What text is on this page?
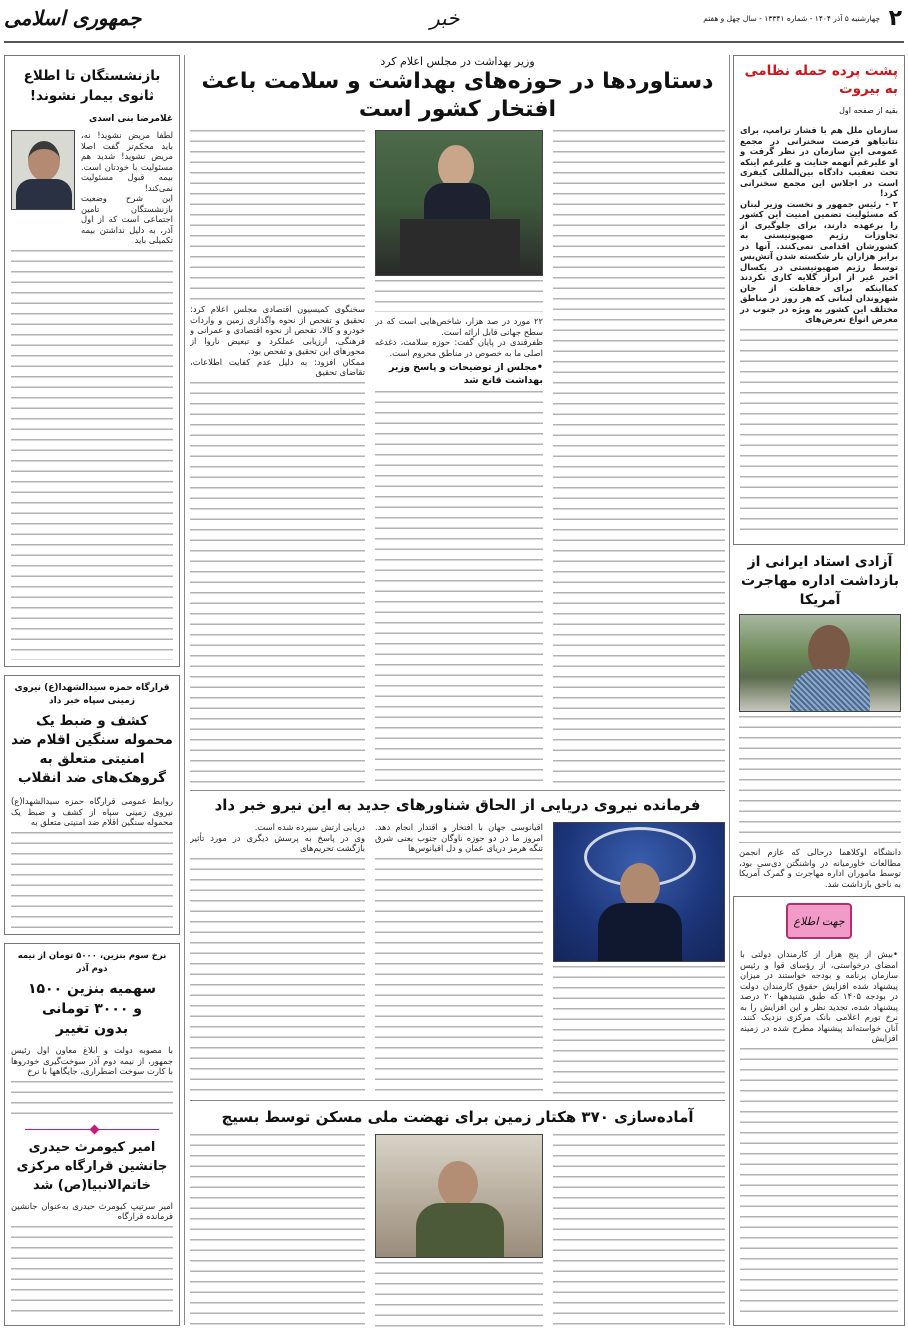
۲
چهارشنبه ۵ آذر ۱۴۰۴ - شماره ۱۳۳۴۱ - سال چهل و هفتم
خبر
جمهوری اسلامی
پشت پرده حمله نظامی به بیروت
بقیه از صفحه اول
سازمان ملل هم با فشار ترامپ، برای نتانیاهو فرصت سخنرانی در مجمع عمومی این سازمان در نظر گرفت و او علیرغم آنهمه جنایت و علیرغم اینکه تحت تعقیب دادگاه بین‌المللی کیفری است در اجلاس این مجمع سخنرانی کرد!
۲ - رئیس جمهور و نخست وزیر لبنان که مسئولیت تضمین امنیت این کشور را برعهده دارند، برای جلوگیری از تجاوزات رژیم صهیونیستی به کشورشان اقدامی نمی‌کنند. آنها در برابر هزاران بار شکسته شدن آتش‌بس توسط رژیم صهیونیستی در یکسال اخیر غیر از ابراز گلایه کاری نکردند کمااینکه برای حفاظت از جان شهروندان لبنانی که هر روز در مناطق مختلف این کشور به ویژه در جنوب در معرض انواع تعرض‌های
آزادی استاد ایرانی از بازداشت اداره مهاجرت آمریکا
دانشگاه اوکلاهما درحالی که عازم انجمن مطالعات خاورمیانه در واشنگتن دی‌سی بود، توسط ماموران اداره مهاجرت و گمرک آمریکا به ناحق بازداشت شد.
جهت اطلاع
•بیش از پنج هزار از کارمندان دولتی با امضای درخواستی، از رؤسای قوا و رئیس سازمان برنامه و بودجه خواستند در میزان پیشنهاد شده افزایش حقوق کارمندان دولت در بودجه ۱۴۰۵ که طبق شنیدهها ۲۰ درصد پیشنهاد شده، تجدید نظر و این افزایش را به نرخ تورم اعلامی بانک مرکزی نزدیک کنند. آنان خواسته‌اند پیشنهاد مطرح شده در زمینه افزایش
وزیر بهداشت در مجلس اعلام کرد
دستاوردها در حوزه‌های بهداشت و سلامت باعث افتخار کشور است
۲۲ مورد در صد هزار، شاخص‌هایی است که در سطح جهانی قابل ارائه است.
ظفرقندی در پایان گفت: حوزه سلامت، دغدغه اصلی ما به خصوص در مناطق محروم است.
•مجلس از توضیحات و پاسخ وزیر بهداشت قانع شد
سخنگوی کمیسیون اقتصادی مجلس اعلام کرد: تحقیق و تفحص از نحوه واگذاری زمین و واردات خودرو و کالا، تفحص از نحوه اقتصادی و عمرانی و فرهنگی، ارزیابی عملکرد و تبعیض ناروا از محورهای این تحقیق و تفحص بود.
ممکان افزود: به دلیل عدم کفایت اطلاعات، تقاضای تحقیق
فرمانده نیروی دریایی از الحاق شناورهای جدید به این نیرو خبر داد
اقیانوسی جهان با افتخار و اقتدار انجام دهد. امروز ما در دو حوزه ناوگان جنوب یعنی شرق تنگه هرمز دریای عمان و دل اقیانوس‌ها
دریایی ارتش سپرده شده است.
وی در پاسخ به پرسش دیگری در مورد تأثیر بازگشت تحریم‌های
آماده‌سازی ۳۷۰ هکتار زمین برای نهضت ملی مسکن توسط بسیج
بازنشستگان تا اطلاع ثانوی بیمار نشوند!
غلامرضا بنی اسدی
لطفا مریض نشوید! نه، باید محکم‌تر گفت اصلا مریض نشوید! شدید هم مسئولیت با خودتان است. بیمه قبول مسئولیت نمی‌کند!
این شرح وضعیت بازنشستگان تامین اجتماعی است که از اول آذر، به دلیل نداشتن بیمه تکمیلی باید
قرارگاه حمزه سیدالشهدا(ع) نیروی زمینی سپاه خبر داد
کشف و ضبط یک محموله سنگین اقلام ضد امنیتی متعلق به گروهک‌های ضد انقلاب
روابط عمومی قرارگاه حمزه سیدالشهدا(ع) نیروی زمینی سپاه از کشف و ضبط یک محموله سنگین اقلام ضد امنیتی متعلق به
نرخ سوم بنزین، ۵۰۰۰ تومان از نیمه دوم آذر
سهمیه بنزین ۱۵۰۰ و ۳۰۰۰ تومانی بدون تغییر
با مصوبه دولت و ابلاغ معاون اول رئیس جمهور، از نیمه دوم آذر سوخت‌گیری خودروها با کارت سوخت اضطراری، جایگاهها با نرخ
امیر کیومرث حیدری جانشین قرارگاه مرکزی خاتم‌الانبیا(ص) شد
امیر سرتیپ کیومرث حیدری به‌عنوان جانشین فرمانده قرارگاه
